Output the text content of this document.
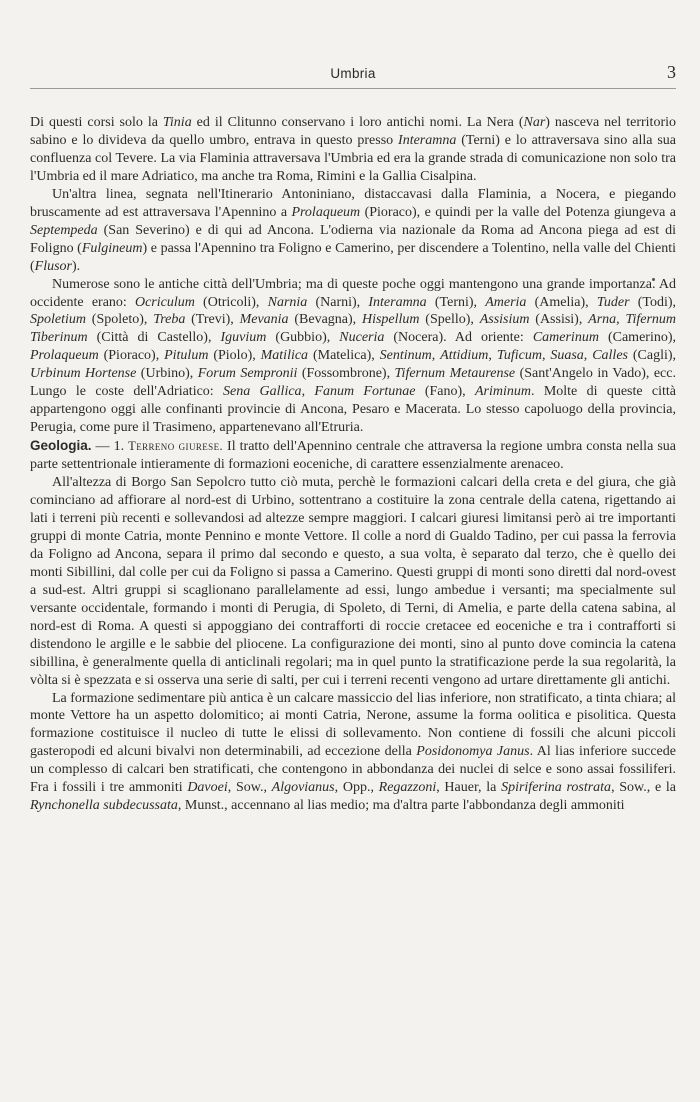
Umbria	3

Di questi corsi solo la Tinia ed il Clitunno conservano i loro antichi nomi. La Nera (Nar) nasceva nel territorio sabino e lo divideva da quello umbro, entrava in questo presso Interamna (Terni) e lo attraversava sino alla sua confluenza col Tevere. La via Flaminia attraversava l'Umbria ed era la grande strada di comunicazione non solo tra l'Umbria ed il mare Adriatico, ma anche tra Roma, Rimini e la Gallia Cisalpina.

Un'altra linea, segnata nell'Itinerario Antoniniano, distaccavasi dalla Flaminia, a Nocera, e piegando bruscamente ad est attraversava l'Apennino a Prolaqueum (Pioraco), e quindi per la valle del Potenza giungeva a Septempeda (San Severino) e di qui ad Ancona. L'odierna via nazionale da Roma ad Ancona piega ad est di Foligno (Fulgineum) e passa l'Apennino tra Foligno e Camerino, per discendere a Tolentino, nella valle del Chienti (Flusor).

Numerose sono le antiche città dell'Umbria; ma di queste poche oggi mantengono una grande importanza. Ad occidente erano: Ocriculum (Otricoli), Narnia (Narni), Interamna (Terni), Ameria (Amelia), Tuder (Todi), Spoletium (Spoleto), Treba (Trevi), Mevania (Bevagna), Hispellum (Spello), Assisium (Assisi), Arna, Tifernum Tiberinum (Città di Castello), Iguvium (Gubbio), Nuceria (Nocera). Ad oriente: Camerinum (Camerino), Prolaqueum (Pioraco), Pitulum (Piolo), Matilica (Matelica), Sentinum, Attidium, Tuficum, Suasa, Calles (Cagli), Urbinum Hortense (Urbino), Forum Sempronii (Fossombrone), Tifernum Metaurense (Sant'Angelo in Vado), ecc. Lungo le coste dell'Adriatico: Sena Gallica, Fanum Fortunae (Fano), Ariminum. Molte di queste città appartengono oggi alle confinanti provincie di Ancona, Pesaro e Macerata. Lo stesso capoluogo della provincia, Perugia, come pure il Trasimeno, appartenevano all'Etruria.

Geologia. — 1. Terreno giurese. Il tratto dell'Apennino centrale che attraversa la regione umbra consta nella sua parte settentrionale intieramente di formazioni eoceniche, di carattere essenzialmente arenaceo.

All'altezza di Borgo San Sepolcro tutto ciò muta, perchè le formazioni calcari della creta e del giura, che già cominciano ad affiorare al nord-est di Urbino, sottentrano a costituire la zona centrale della catena, rigettando ai lati i terreni più recenti e sollevandosi ad altezze sempre maggiori. I calcari giuresi limitansi però ai tre importanti gruppi di monte Catria, monte Pennino e monte Vettore. Il colle a nord di Gualdo Tadino, per cui passa la ferrovia da Foligno ad Ancona, separa il primo dal secondo e questo, a sua volta, è separato dal terzo, che è quello dei monti Sibillini, dal colle per cui da Foligno si passa a Camerino. Questi gruppi di monti sono diretti dal nord-ovest a sud-est. Altri gruppi si scaglionano parallelamente ad essi, lungo ambedue i versanti; ma specialmente sul versante occidentale, formando i monti di Perugia, di Spoleto, di Terni, di Amelia, e parte della catena sabina, al nord-est di Roma. A questi si appoggiano dei contrafforti di roccie cretacee ed eoceniche e tra i contrafforti si distendono le argille e le sabbie del pliocene. La configurazione dei monti, sino al punto dove comincia la catena sibillina, è generalmente quella di anticlinali regolari; ma in quel punto la stratificazione perde la sua regolarità, la vòlta si è spezzata e si osserva una serie di salti, per cui i terreni recenti vengono ad urtare direttamente gli antichi.

La formazione sedimentare più antica è un calcare massiccio del lias inferiore, non stratificato, a tinta chiara; al monte Vettore ha un aspetto dolomitico; ai monti Catria, Nerone, assume la forma oolitica e pisolitica. Questa formazione costituisce il nucleo di tutte le elissi di sollevamento. Non contiene di fossili che alcuni piccoli gasteropodi ed alcuni bivalvi non determinabili, ad eccezione della Posidonomya Janus. Al lias inferiore succede un complesso di calcari ben stratificati, che contengono in abbondanza dei nuclei di selce e sono assai fossiliferi. Fra i fossili i tre ammoniti Davoei, Sow., Algovianus, Opp., Regazzoni, Hauer, la Spiriferina rostrata, Sow., e la Rynchonella subdecussata, Munst., accennano al lias medio; ma d'altra parte l'abbondanza degli ammoniti
